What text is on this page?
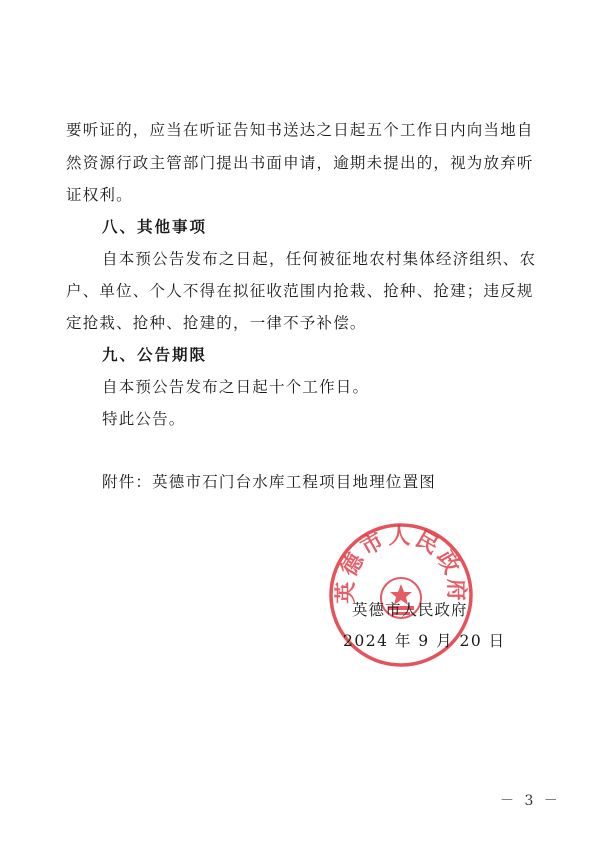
要听证的，应当在听证告知书送达之日起五个工作日内向当地自
然资源行政主管部门提出书面申请，逾期未提出的，视为放弃听
证权利。
八、其他事项
自本预公告发布之日起，任何被征地农村集体经济组织、农
户、单位、个人不得在拟征收范围内抢栽、抢种、抢建；违反规
定抢栽、抢种、抢建的，一律不予补偿。
九、公告期限
自本预公告发布之日起十个工作日。
特此公告。
附件：英德市石门台水库工程项目地理位置图
英德市人民政府
英德市人民政府
2024 年 9 月 20 日
－ 3 －
